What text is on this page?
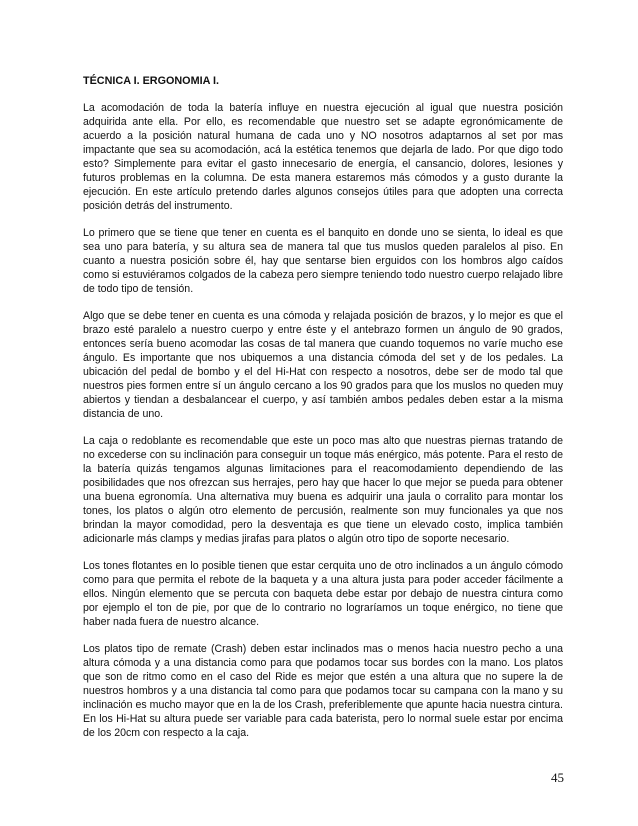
TÉCNICA I. ERGONOMIA I.

La acomodación de toda la batería influye en nuestra ejecución al igual que nuestra posición adquirida ante ella. Por ello, es recomendable que nuestro set se adapte egronómicamente de acuerdo a la posición natural humana de cada uno y NO nosotros adaptarnos al set por mas impactante que sea su acomodación, acá la estética tenemos que dejarla de lado. Por que digo todo esto? Simplemente para evitar el gasto innecesario de energía, el cansancio, dolores, lesiones y futuros problemas en la columna. De esta manera estaremos más cómodos y a gusto durante la ejecución. En este artículo pretendo darles algunos consejos útiles para que adopten una correcta posición detrás del instrumento.

Lo primero que se tiene que tener en cuenta es el banquito en donde uno se sienta, lo ideal es que sea uno para batería, y su altura sea de manera tal que tus muslos queden paralelos al piso. En cuanto a nuestra posición sobre él, hay que sentarse bien erguidos con los hombros algo caídos como si estuviéramos colgados de la cabeza pero siempre teniendo todo nuestro cuerpo relajado libre de todo tipo de tensión.

Algo que se debe tener en cuenta es una cómoda y relajada posición de brazos, y lo mejor es que el brazo esté paralelo a nuestro cuerpo y entre éste y el antebrazo formen un ángulo de 90 grados, entonces sería bueno acomodar las cosas de tal manera que cuando toquemos no varíe mucho ese ángulo. Es importante que nos ubiquemos a una distancia cómoda del set y de los pedales. La ubicación del pedal de bombo y el del Hi-Hat con respecto a nosotros, debe ser de modo tal que nuestros pies formen entre sí un ángulo cercano a los 90 grados para que los muslos no queden muy abiertos y tiendan a desbalancear el cuerpo, y así también ambos pedales deben estar a la misma distancia de uno.

La caja o redoblante es recomendable que este un poco mas alto que nuestras piernas tratando de no excederse con su inclinación para conseguir un toque más enérgico, más potente. Para el resto de la batería quizás tengamos algunas limitaciones para el reacomodamiento dependiendo de las posibilidades que nos ofrezcan sus herrajes, pero hay que hacer lo que mejor se pueda para obtener una buena egronomía. Una alternativa muy buena es adquirir una jaula o corralito para montar los tones, los platos o algún otro elemento de percusión, realmente son muy funcionales ya que nos brindan la mayor comodidad, pero la desventaja es que tiene un elevado costo, implica también adicionarle más clamps y medias jirafas para platos o algún otro tipo de soporte necesario.

Los tones flotantes en lo posible tienen que estar cerquita uno de otro inclinados a un ángulo cómodo como para que permita el rebote de la baqueta y a una altura justa para poder acceder fácilmente a ellos. Ningún elemento que se percuta con baqueta debe estar por debajo de nuestra cintura como por ejemplo el ton de pie, por que de lo contrario no lograríamos un toque enérgico, no tiene que haber nada fuera de nuestro alcance.

Los platos tipo de remate (Crash) deben estar inclinados mas o menos hacia nuestro pecho a una altura cómoda y a una distancia como para que podamos tocar sus bordes con la mano. Los platos que son de ritmo como en el caso del Ride es mejor que estén a una altura que no supere la de nuestros hombros y a una distancia tal como para que podamos tocar su campana con la mano y su inclinación es mucho mayor que en la de los Crash, preferiblemente que apunte hacia nuestra cintura. En los Hi-Hat su altura puede ser variable para cada baterista, pero lo normal suele estar por encima de los 20cm con respecto a la caja.

45
